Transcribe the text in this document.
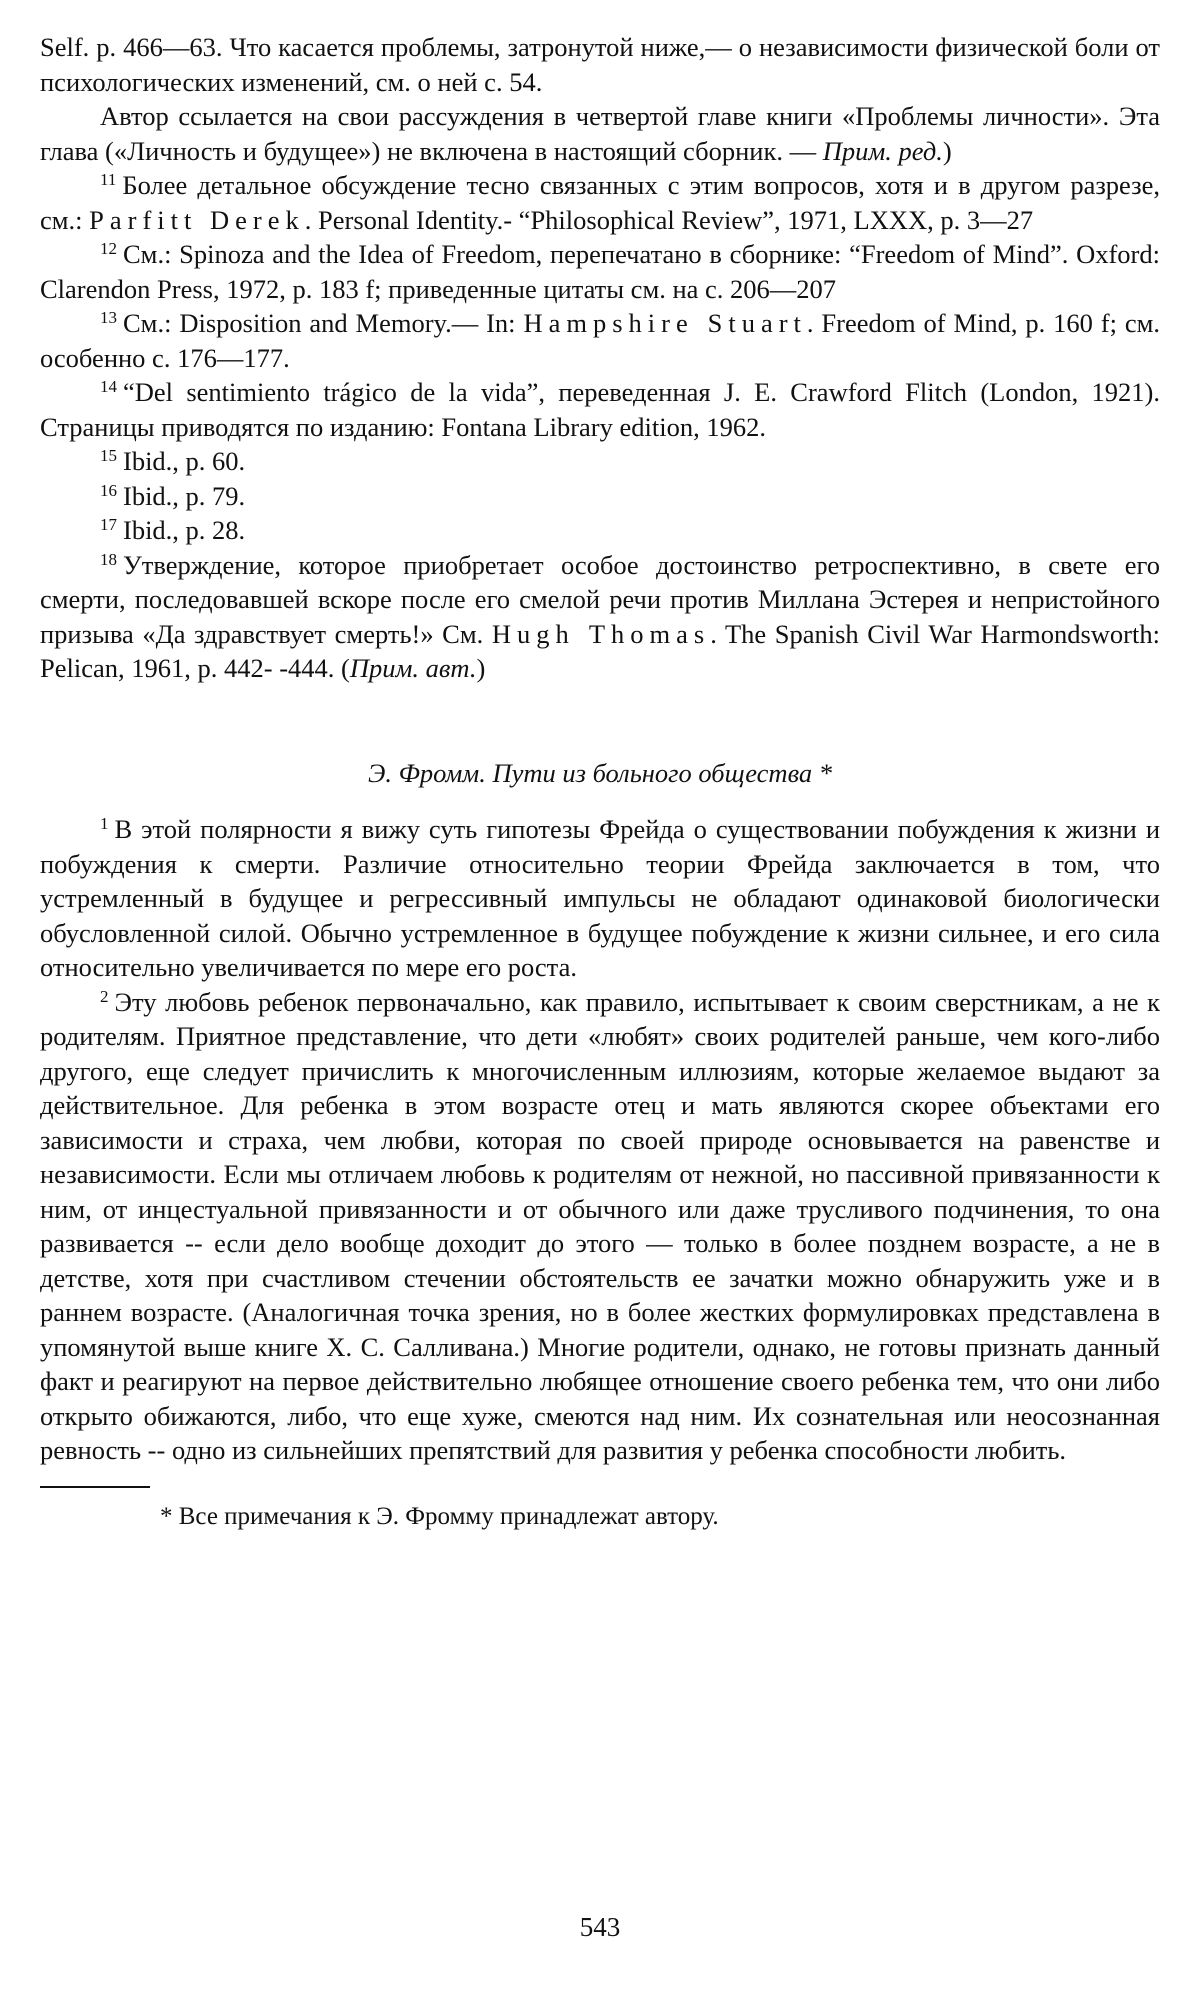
Self. p. 466—63. Что касается проблемы, затронутой ниже,— о независимости физической боли от психологических изменений, см. о ней с. 54.

Автор ссылается на свои рассуждения в четвертой главе книги «Проблемы личности». Эта глава («Личность и будущее») не включена в настоящий сборник. — Прим. ред.)

$^{11}$ Более детальное обсуждение тесно связанных с этим вопросов, хотя и в другом разрезе, см.: Parfitt Derek. Personal Identity.- “Philosophical Review”, 1971, LXXX, p. 3—27

$^{12}$ См.: Spinoza and the Idea of Freedom, перепечатано в сборнике: “Freedom of Mind”. Oxford: Clarendon Press, 1972, p. 183 f; приведенные цитаты см. на с. 206—207

$^{13}$ См.: Disposition and Memory.— In: Hampshire Stuart. Freedom of Mind, p. 160 f; см. особенно с. 176—177.

$^{14}$ “Del sentimiento trágico de la vida”, переведенная J. E. Crawford Flitch (London, 1921). Страницы приводятся по изданию: Fontana Library edition, 1962.

$^{15}$ Ibid., p. 60.

$^{16}$ Ibid., p. 79.

$^{17}$ Ibid., p. 28.

$^{18}$ Утверждение, которое приобретает особое достоинство ретроспективно, в свете его смерти, последовавшей вскоре после его смелой речи против Миллана Эстерея и непристойного призыва «Да здравствует смерть!» См. Hugh Thomas. The Spanish Civil War Harmondsworth: Pelican, 1961, p. 442- -444. (Прим. авт.)

Э. Фромм. Пути из больного общества *

$^1$ В этой полярности я вижу суть гипотезы Фрейда о существовании побуждения к жизни и побуждения к смерти. Различие относительно теории Фрейда заключается в том, что устремленный в будущее и регрессивный импульсы не обладают одинаковой биологически обусловленной силой. Обычно устремленное в будущее побуждение к жизни сильнее, и его сила относительно увеличивается по мере его роста.

$^2$ Эту любовь ребенок первоначально, как правило, испытывает к своим сверстникам, а не к родителям. Приятное представление, что дети «любят» своих родителей раньше, чем кого-либо другого, еще следует причислить к многочисленным иллюзиям, которые желаемое выдают за действительное. Для ребенка в этом возрасте отец и мать являются скорее объектами его зависимости и страха, чем любви, которая по своей природе основывается на равенстве и независимости. Если мы отличаем любовь к родителям от нежной, но пассивной привязанности к ним, от инцестуальной привязанности и от обычного или даже трусливого подчинения, то она развивается -- если дело вообще доходит до этого — только в более позднем возрасте, а не в детстве, хотя при счастливом стечении обстоятельств ее зачатки можно обнаружить уже и в раннем возрасте. (Аналогичная точка зрения, но в более жестких формулировках представлена в упомянутой выше книге Х. С. Салливана.) Многие родители, однако, не готовы признать данный факт и реагируют на первое действительно любящее отношение своего ребенка тем, что они либо открыто обижаются, либо, что еще хуже, смеются над ним. Их сознательная или неосознанная ревность -- одно из сильнейших препятствий для развития у ребенка способности любить.

* Все примечания к Э. Фромму принадлежат автору.

543
